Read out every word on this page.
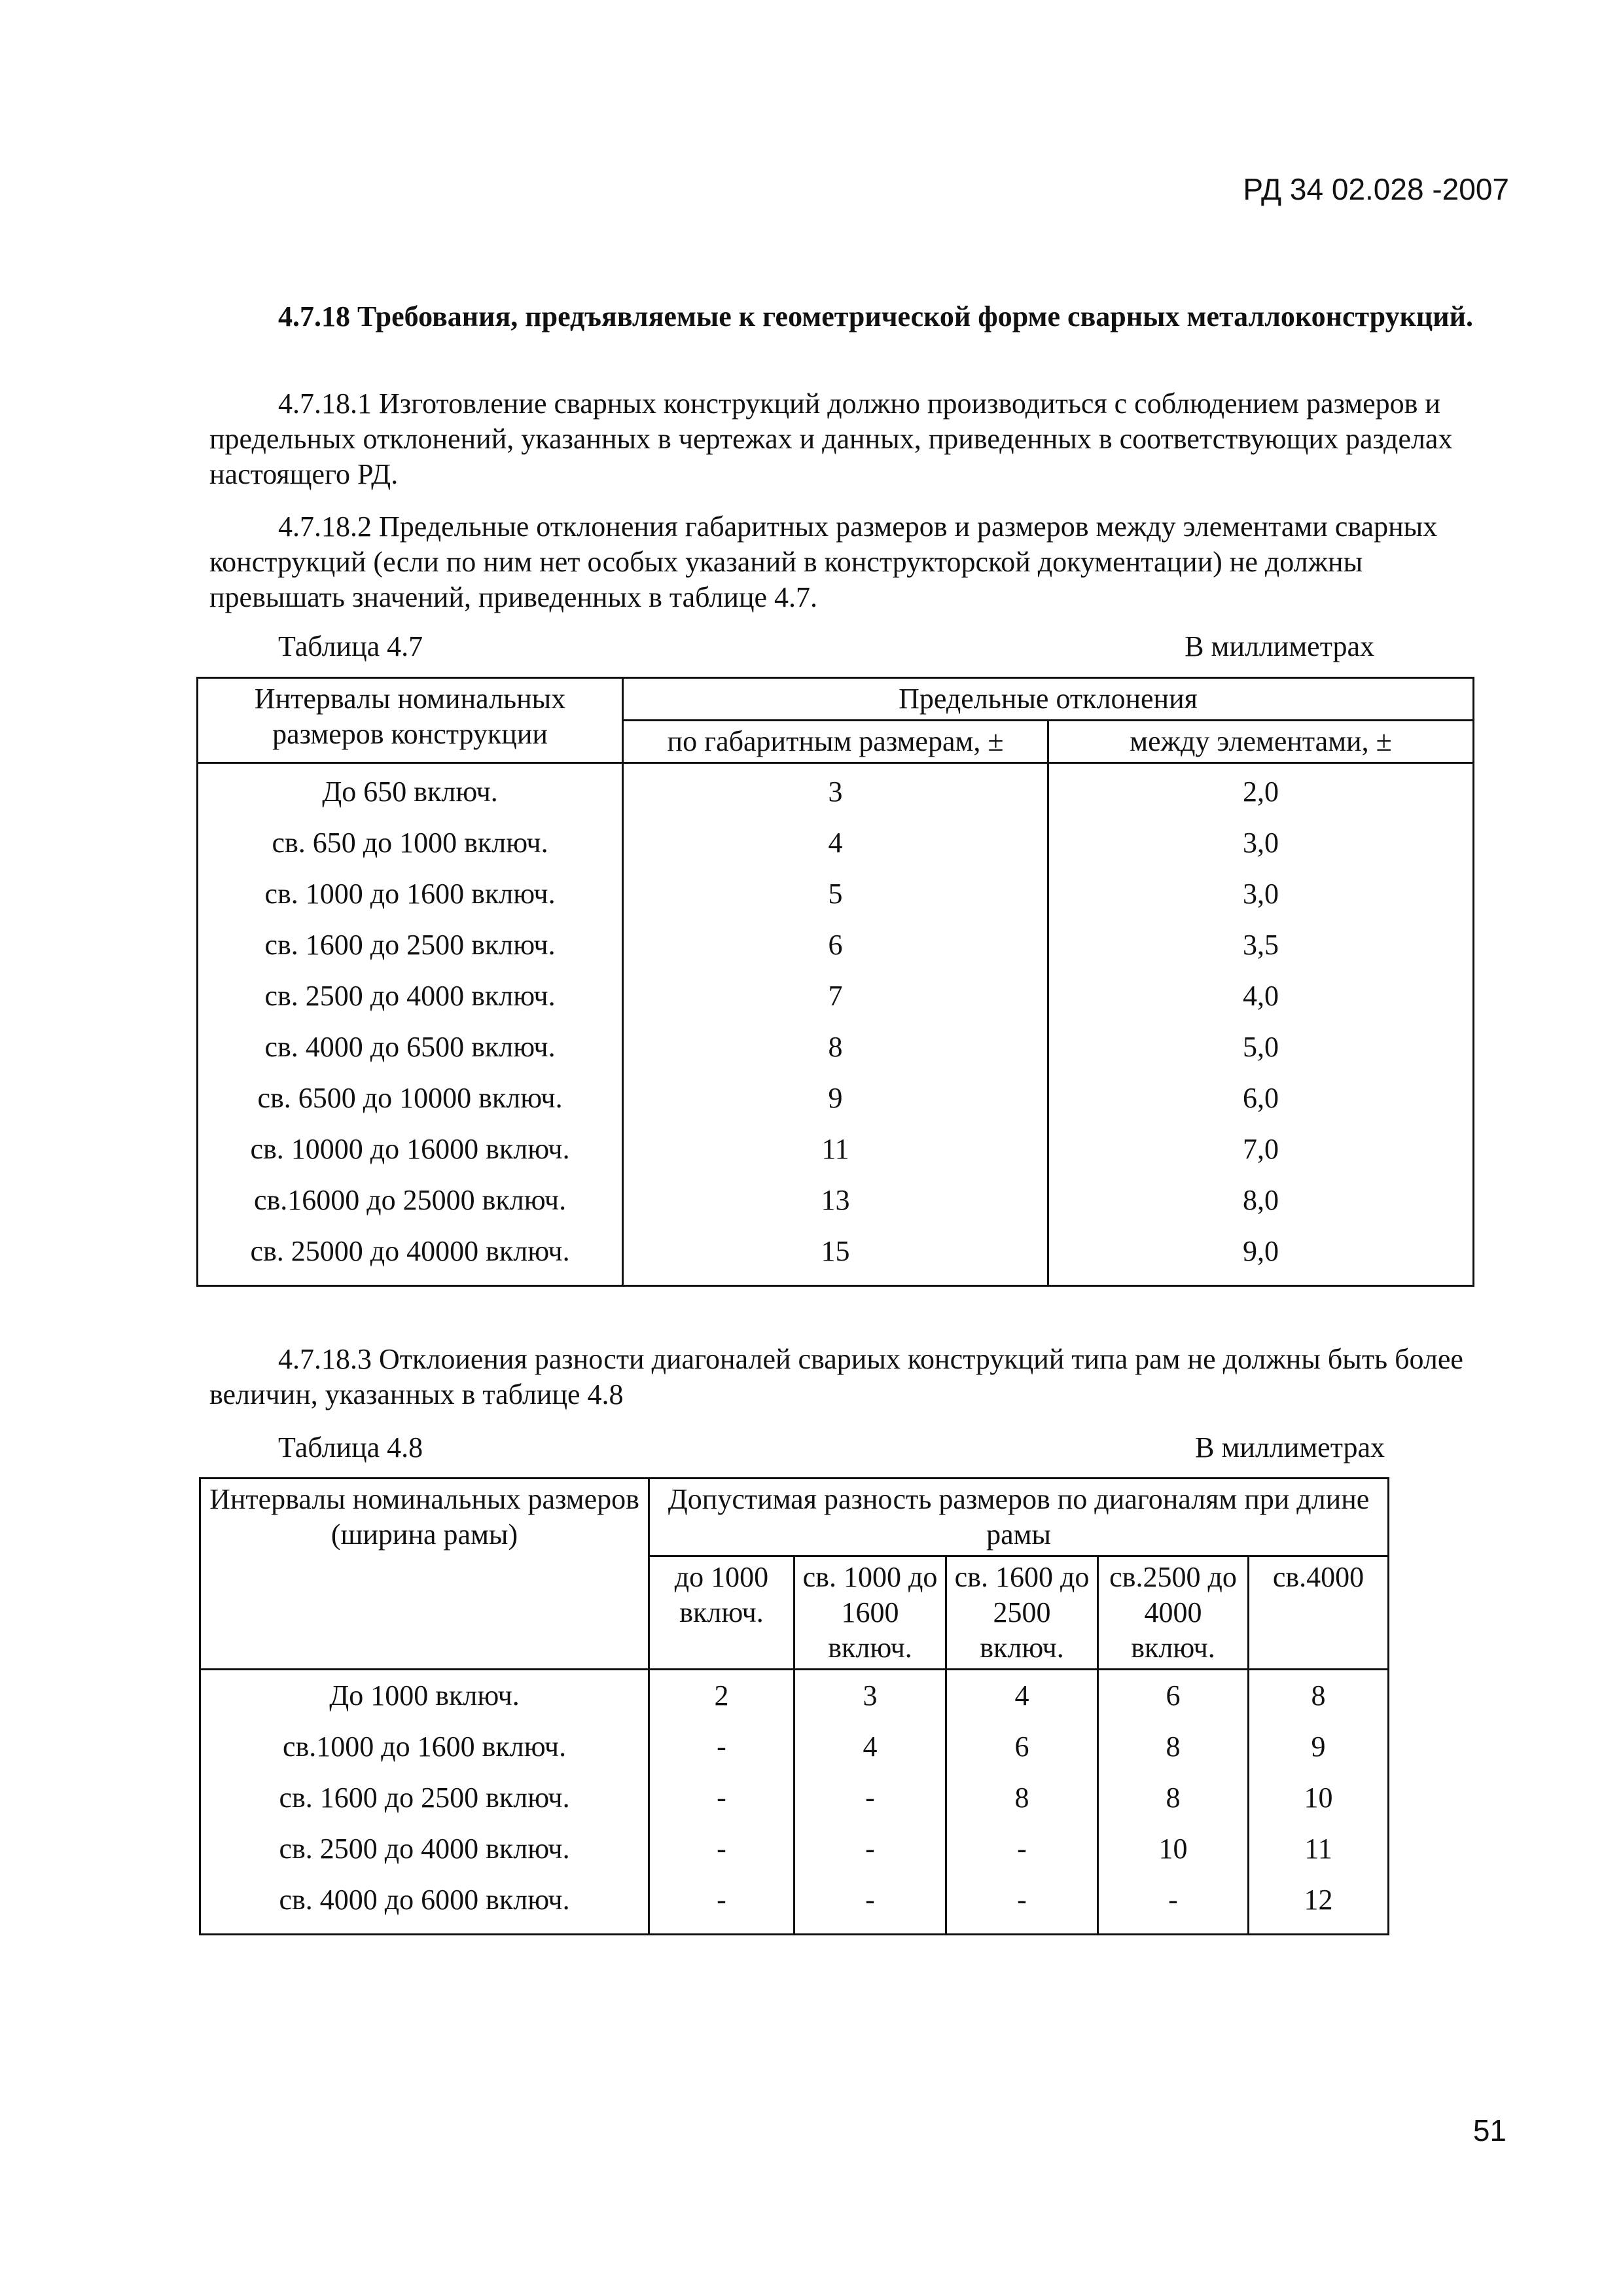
РД 34 02.028 -2007
4.7.18 Требования, предъявляемые к геометрической форме сварных металлоконструкций.

4.7.18.1 Изготовление сварных конструкций должно производиться с соблюдением размеров и предельных отклонений, указанных в чертежах и данных, приведенных в соответствующих разделах настоящего РД.

4.7.18.2 Предельные отклонения габаритных размеров и размеров между элементами сварных конструкций (если по ним нет особых указаний в конструкторской документации) не должны превышать значений, приведенных в таблице 4.7.

Таблица 4.7	В миллиметрах
Интервалы номинальных размеров конструкции	Предельные отклонения	
	по габаритным размерам, ±	между элементами, ±
До 650 включ.	3	2,0
св. 650 до 1000 включ.	4	3,0
св. 1000 до 1600 включ.	5	3,0
св. 1600 до 2500 включ.	6	3,5
св. 2500 до 4000 включ.	7	4,0
св. 4000 до 6500 включ.	8	5,0
св. 6500 до 10000 включ.	9	6,0
св. 10000 до 16000 включ.	11	7,0
св.16000 до 25000 включ.	13	8,0
св. 25000 до 40000 включ.	15	9,0

4.7.18.3 Отклоиения разности диагоналей свариых конструкций типа рам не должны быть более величин, указанных в таблице 4.8

Таблица 4.8	В миллиметрах
Интервалы номинальных размеров (ширина рамы)	Допустимая разность размеров по диагоналям при длине рамы				
	до 1000 включ.	св. 1000 до 1600 включ.	св. 1600 до 2500 включ.	св.2500 до 4000 включ.	св.4000
До 1000 включ.	2	3	4	6	8
св.1000 до 1600 включ.	-	4	6	8	9
св. 1600 до 2500 включ.	-	-	8	8	10
св. 2500 до 4000 включ.	-	-	-	10	11
св. 4000 до 6000 включ.	-	-	-	-	12
51
